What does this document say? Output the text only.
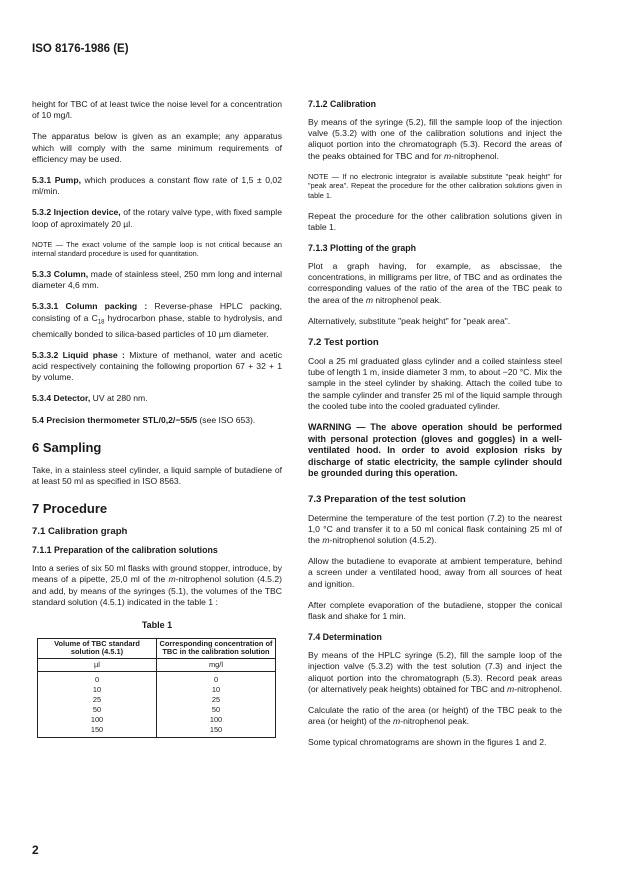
ISO 8176-1986 (E)

height for TBC of at least twice the noise level for a concentration of 10 mg/l.

The apparatus below is given as an example; any apparatus which will comply with the same minimum requirements of efficiency may be used.

5.3.1 Pump, which produces a constant flow rate of 1,5 ± 0,02 ml/min.

5.3.2 Injection device, of the rotary valve type, with fixed sample loop of aproximately 20 µl.

NOTE — The exact volume of the sample loop is not critical because an internal standard procedure is used for quantitation.

5.3.3 Column, made of stainless steel, 250 mm long and internal diameter 4,6 mm.

5.3.3.1 Column packing : Reverse-phase HPLC packing, consisting of a $C_{18}$ hydrocarbon phase, stable to hydrolysis, and chemically bonded to silica-based particles of 10 µm diameter.

5.3.3.2 Liquid phase : Mixture of methanol, water and acetic acid respectively containing the following proportion 67 + 32 + 1 by volume.

5.3.4 Detector, UV at 280 nm.

5.4 Precision thermometer STL/0,2/−55/5 (see ISO 653).

6 Sampling

Take, in a stainless steel cylinder, a liquid sample of butadiene of at least 50 ml as specified in ISO 8563.

7 Procedure
7.1 Calibration graph
7.1.1 Preparation of the calibration solutions

Into a series of six 50 ml flasks with ground stopper, introduce, by means of a pipette, 25,0 ml of the m-nitrophenol solution (4.5.2) and add, by means of the syringes (5.1), the volumes of the TBC standard solution (4.5.1) indicated in the table 1 :

Table 1
Volume of TBC standard solution (4.5.1)	Corresponding concentration of TBC in the calibration solution
µl	mg/l
0	0
10	10
25	25
50	50
100	100
150	150
7.1.2 Calibration

By means of the syringe (5.2), fill the sample loop of the injection valve (5.3.2) with one of the calibration solutions and inject the aliquot portion into the chromatograph (5.3). Record the areas of the peaks obtained for TBC and for m-nitrophenol.

NOTE — If no electronic integrator is available substitute "peak height" for "peak area". Repeat the procedure for the other calibration solutions given in table 1.

Repeat the procedure for the other calibration solutions given in table 1.

7.1.3 Plotting of the graph

Plot a graph having, for example, as abscissae, the concentrations, in milligrams per litre, of TBC and as ordinates the corresponding values of the ratio of the area of the TBC peak to the area of the m nitrophenol peak.

Alternatively, substitute "peak height" for "peak area".

7.2 Test portion

Cool a 25 ml graduated glass cylinder and a coiled stainless steel tube of length 1 m, inside diameter 3 mm, to about −20 °C. Mix the sample in the steel cylinder by shaking. Attach the coiled tube to the sample cylinder and transfer 25 ml of the liquid sample through the cooled tube into the cooled graduated cylinder.

WARNING — The above operation should be performed with personal protection (gloves and goggles) in a well-ventilated hood. In order to avoid explosion risks by discharge of static electricity, the sample cylinder should be grounded during this operation.

7.3 Preparation of the test solution

Determine the temperature of the test portion (7.2) to the nearest 1,0 °C and transfer it to a 50 ml conical flask containing 25 ml of the m-nitrophenol solution (4.5.2).

Allow the butadiene to evaporate at ambient temperature, behind a screen under a ventilated hood, away from all sources of heat and ignition.

After complete evaporation of the butadiene, stopper the conical flask and shake for 1 min.

7.4 Determination

By means of the HPLC syringe (5.2), fill the sample loop of the injection valve (5.3.2) with the test solution (7.3) and inject the aliquot portion into the chromatograph (5.3). Record peak areas (or alternatively peak heights) obtained for TBC and m-nitrophenol.

Calculate the ratio of the area (or height) of the TBC peak to the area (or height) of the m-nitrophenol peak.

Some typical chromatograms are shown in the figures 1 and 2.

2
